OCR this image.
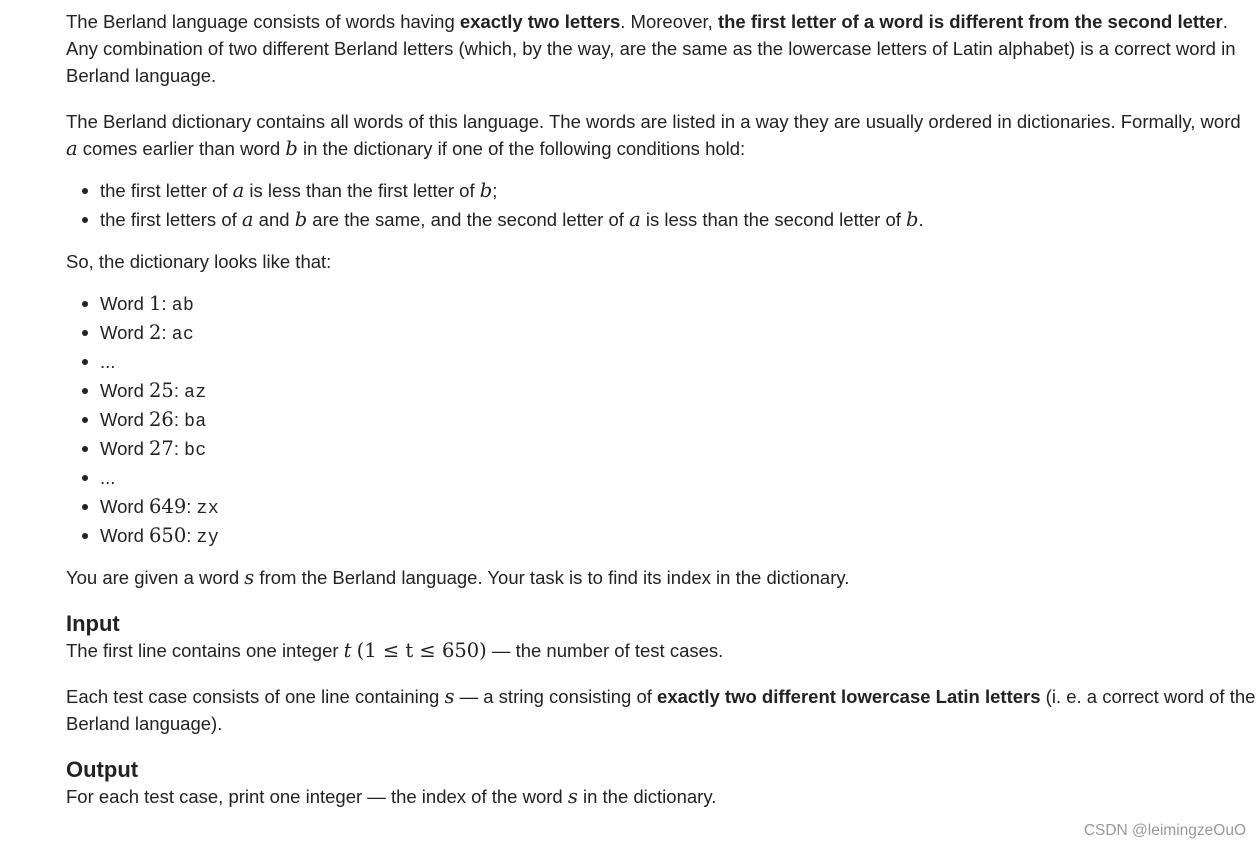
The Berland language consists of words having exactly two letters. Moreover, the first letter of a word is different from the second letter. Any combination of two different Berland letters (which, by the way, are the same as the lowercase letters of Latin alphabet) is a correct word in Berland language.

The Berland dictionary contains all words of this language. The words are listed in a way they are usually ordered in dictionaries. Formally, word a comes earlier than word b in the dictionary if one of the following conditions hold:

the first letter of a is less than the first letter of b;
the first letters of a and b are the same, and the second letter of a is less than the second letter of b.

So, the dictionary looks like that:

Word 1: ab
Word 2: ac
...
Word 25: az
Word 26: ba
Word 27: bc
...
Word 649: zx
Word 650: zy

You are given a word s from the Berland language. Your task is to find its index in the dictionary.

Input

The first line contains one integer t (1 ≤ t ≤ 650) — the number of test cases.

Each test case consists of one line containing s — a string consisting of exactly two different lowercase Latin letters (i. e. a correct word of the Berland language).

Output

For each test case, print one integer — the index of the word s in the dictionary.

CSDN @leimingzeOuO
